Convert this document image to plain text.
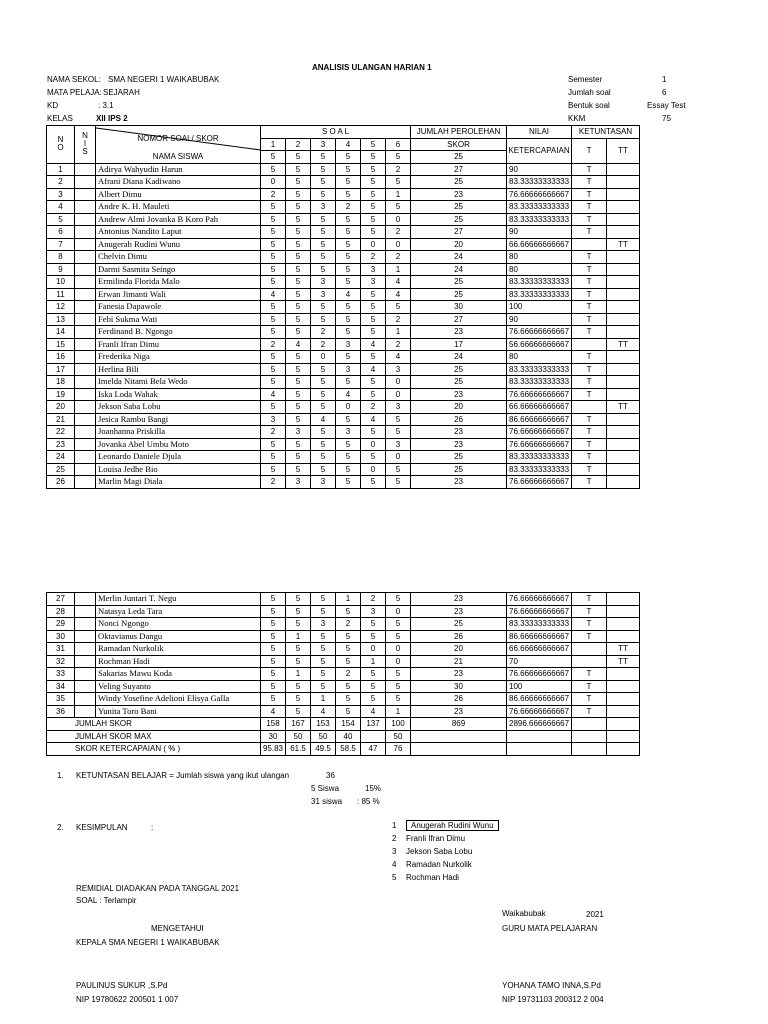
ANALISIS ULANGAN HARIAN 1
NAMA SEKOL: SMA NEGERI 1 WAIKABUBAK
MATA PELAJA: SEJARAH
KD	: 3.1
KELAS	XII IPS 2
Semester	1
Jumlah soal	6
Bentuk soal	Essay Test
KKM	75
N
O	N
I
S	NOMOR SOAL/ SKOR	S O A L						JUMLAH PEROLEHAN	NILAI	KETUNTASAN	
			1	2	3	4	5	6	SKOR	KETERCAPAIAN	T	TT	
		NAMA SISWA	5	5	5	5	5	5	25				
1		Adirya Wahyudin Harun	5	5	5	5	5	2	27	90	T		
2		Afrani Diana Kadiwano	0	5	5	5	5	5	25	83.33333333333	T		
3		Albert Dimu	2	5	5	5	5	1	23	76.66666666667	T		
4		Andre K. H. Mauleti	5	5	3	2	5	5	25	83.33333333333	T		
5		Andrew Almi Jovanka B Koro Pah	5	5	5	5	5	0	25	83.33333333333	T		
6		Antonius Nandito Laput	5	5	5	5	5	2	27	90	T		
7		Anugerah Rudini Wunu	5	5	5	5	0	0	20	66.66666666667		TT	
8		Chelvin Dimu	5	5	5	5	2	2	24	80	T		
9		Darmi Sasmita Seingo	5	5	5	5	3	1	24	80	T		
10		Ermilinda Florida Malo	5	5	3	5	3	4	25	83.33333333333	T		
11		Erwan Jimanti Wali	4	5	3	4	5	4	25	83.33333333333	T		
12		Fanesia Dapawole	5	5	5	5	5	5	30	100	T		
13		Febi Sukma Wati	5	5	5	5	5	2	27	90	T		
14		Ferdinand B. Ngongo	5	5	2	5	5	1	23	76.66666666667	T		
15		Franli Ifran Dimu	2	4	2	3	4	2	17	56.66666666667		TT	
16		Frederika Niga	5	5	0	5	5	4	24	80	T		
17		Herlina Bili	5	5	5	3	4	3	25	83.33333333333	T		
18		Imelda Nitami Bela Wedo	5	5	5	5	5	0	25	83.33333333333	T		
19		Iska Loda Wahak	4	5	5	4	5	0	23	76.66666666667	T		
20		Jekson Saba Lobu	5	5	5	0	2	3	20	66.66666666667		TT	
21		Jesica Rambu Bangi	3	5	4	5	4	5	26	86.66666666667	T		
22		Joanhanna Priskilla	2	3	5	3	5	5	23	76.66666666667	T		
23		Jovanka Abel Umbu Moto	5	5	5	5	0	3	23	76.66666666667	T		
24		Leonardo Daniele Djula	5	5	5	5	5	0	25	83.33333333333	T		
25		Louisa Jedhe Bio	5	5	5	5	0	5	25	83.33333333333	T		
26		Marlin Magi Diala	2	3	3	5	5	5	23	76.66666666667	T		
27		Merlin Juntari T. Negu	5	5	5	1	2	5	23	76.66666666667	T		
28		Natasya Leda Tara	5	5	5	5	3	0	23	76.66666666667	T		
29		Nonci Ngongo	5	5	3	2	5	5	25	83.33333333333	T		
30		Oktavianus Dangu	5	1	5	5	5	5	26	86.66666666667	T		
31		Ramadan Nurkolik	5	5	5	5	0	0	20	66.66666666667		TT	
32		Rochman Hadi	5	5	5	5	1	0	21	70		TT	
33		Sakarias Mawu Koda	5	1	5	2	5	5	23	76.66666666667	T		
34		Veling Suyanto	5	5	5	5	5	5	30	100	T		
35		Windy Yosefine Adelioni Elisya Galla	5	5	1	5	5	5	26	86.66666666667	T		
36		Yunita Toro Bani	4	5	4	5	4	1	23	76.66666666667	T		
JUMLAH SKOR			158	167	153	154	137	100	869	2896.666666667			
JUMLAH SKOR MAX			30	50	50	40		50					
SKOR KETERCAPAIAN ( % )			95.83	61.5	49.5	58.5	47	76					
1. KETUNTASAN BELAJAR = Jumlah siswa yang ikut ulangan	36
5 Siswa	15%
31 siswa : 85 %
2. KESIMPULAN	:	1 Anugerah Rudini Wunu
2 Franli Ifran Dimu
3 Jekson Saba Lobu
4 Ramadan Nurkolik
5 Rochman Hadi
REMIDIAL DIADAKAN PADA TANGGAL 2021
SOAL : Terlampir
Waikabubak	2021
MENGETAHUI	GURU MATA PELAJARAN
KEPALA SMA NEGERI 1 WAIKABUBAK
PAULINUS SUKUR ,S.Pd
NIP 19780622 200501 1 007
YOHANA TAMO INNA,S.Pd
NIP 19731103 200312 2 004
